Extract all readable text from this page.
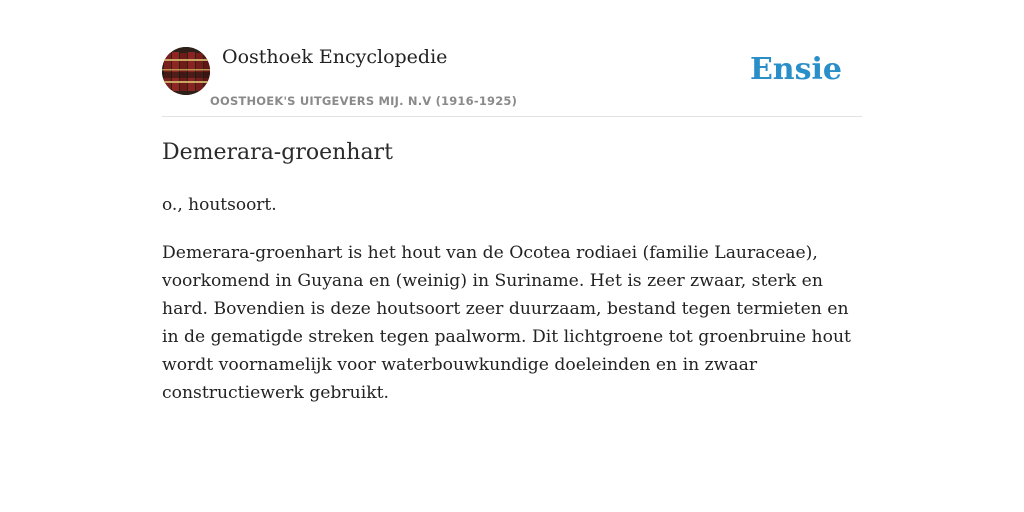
Oosthoek Encyclopedie
OOSTHOEK'S UITGEVERS MIJ. N.V (1916-1925)
Ensie
Demerara-groenhart

o., houtsoort.

Demerara-groenhart is het hout van de Ocotea rodiaei (familie Lauraceae), voorkomend in Guyana en (weinig) in Suriname. Het is zeer zwaar, sterk en hard. Bovendien is deze houtsoort zeer duurzaam, bestand tegen termieten en in de gematigde streken tegen paalworm. Dit lichtgroene tot groenbruine hout wordt voornamelijk voor waterbouwkundige doeleinden en in zwaar constructiewerk gebruikt.
